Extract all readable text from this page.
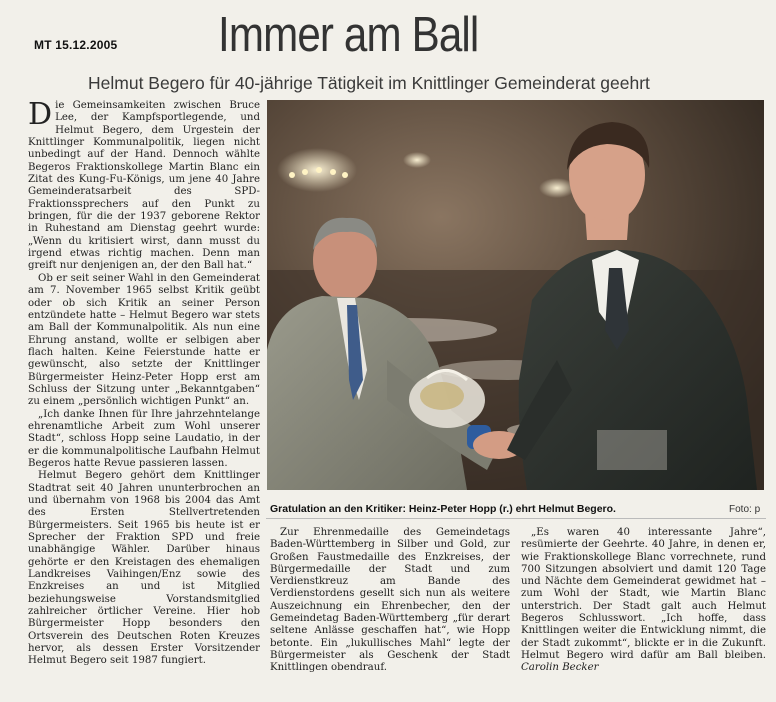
MT 15.12.2005 Immer am Ball
Helmut Begero für 40-jährige Tätigkeit im Knittlinger Gemeinderat geehrt

Die Gemeinsamkeiten zwischen Bruce Lee, der Kampfsportlegende, und Helmut Begero, dem Urgestein der Knittlinger Kommunalpolitik, liegen nicht unbedingt auf der Hand. Dennoch wählte Begeros Fraktionskollege Martin Blanc ein Zitat des Kung-Fu-Königs, um jene 40 Jahre Gemeinderatsarbeit des SPD-Fraktionssprechers auf den Punkt zu bringen, für die der 1937 geborene Rektor in Ruhestand am Dienstag geehrt wurde: „Wenn du kritisiert wirst, dann musst du irgend etwas richtig machen. Denn man greift nur denjenigen an, der den Ball hat.“

Ob er seit seiner Wahl in den Gemeinderat am 7. November 1965 selbst Kritik geübt oder ob sich Kritik an seiner Person entzündete hatte – Helmut Begero war stets am Ball der Kommunalpolitik. Als nun eine Ehrung anstand, wollte er selbigen aber flach halten. Keine Feierstunde hatte er gewünscht, also setzte der Knittlinger Bürgermeister Heinz-Peter Hopp erst am Schluss der Sitzung unter „Bekanntgaben“ zu einem „persönlich wichtigen Punkt“ an.

„Ich danke Ihnen für Ihre jahrzehntelange ehrenamtliche Arbeit zum Wohl unserer Stadt“, schloss Hopp seine Laudatio, in der er die kommunalpolitische Laufbahn Helmut Begeros hatte Revue passieren lassen.

Helmut Begero gehört dem Knittlinger Stadtrat seit 40 Jahren ununterbrochen an und übernahm von 1968 bis 2004 das Amt des Ersten Stellvertretenden Bürgermeisters. Seit 1965 bis heute ist er Sprecher der Fraktion SPD und freie unabhängige Wähler. Darüber hinaus gehörte er den Kreistagen des ehemaligen Landkreises Vaihingen/Enz sowie des Enzkreises an und ist Mitglied beziehungsweise Vorstandsmitglied zahlreicher örtlicher Vereine. Hier hob Bürgermeister Hopp besonders den Ortsverein des Deutschen Roten Kreuzes hervor, als dessen Erster Vorsitzender Helmut Begero seit 1987 fungiert.

Gratulation an den Kritiker: Heinz-Peter Hopp (r.) ehrt Helmut Begero.	Foto: p

Zur Ehrenmedaille des Gemeindetags Baden-Württemberg in Silber und Gold, zur Großen Faustmedaille des Enzkreises, der Bürgermedaille der Stadt und zum Verdienstkreuz am Bande des Verdienstordens gesellt sich nun als weitere Auszeichnung ein Ehrenbecher, den der Gemeindetag Baden-Württemberg „für derart seltene Anlässe geschaffen hat“, wie Hopp betonte. Ein „lukullisches Mahl“ legte der Bürgermeister als Geschenk der Stadt Knittlingen obendrauf.

„Es waren 40 interessante Jahre“, resümierte der Geehrte. 40 Jahre, in denen er, wie Fraktionskollege Blanc vorrechnete, rund 700 Sitzungen absolviert und damit 120 Tage und Nächte dem Gemeinderat gewidmet hat – zum Wohl der Stadt, wie Martin Blanc unterstrich. Der Stadt galt auch Helmut Begeros Schlusswort. „Ich hoffe, dass Knittlingen weiter die Entwicklung nimmt, die der Stadt zukommt“, blickte er in die Zukunft. Helmut Begero wird dafür am Ball bleiben. Carolin Becker
